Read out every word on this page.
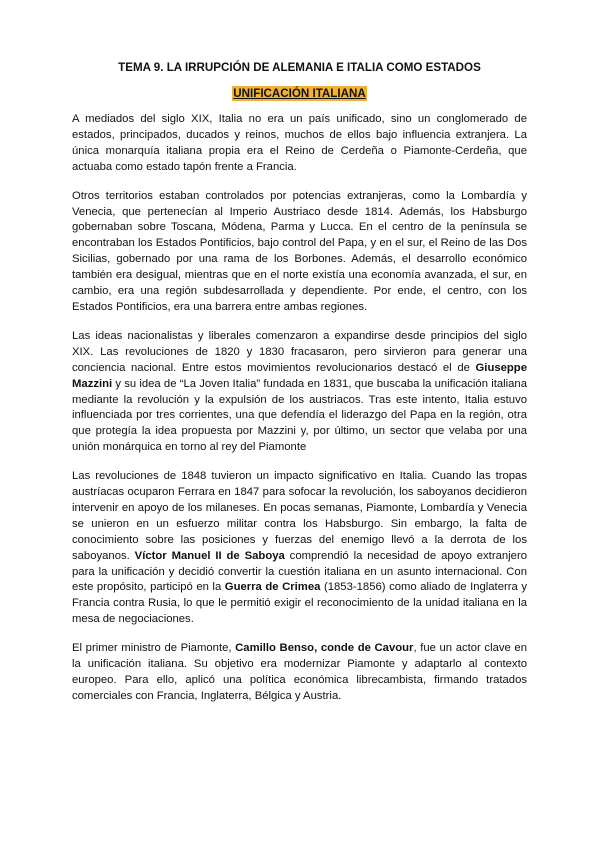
TEMA 9. LA IRRUPCIÓN DE ALEMANIA E ITALIA COMO ESTADOS
UNIFICACIÓN ITALIANA

A mediados del siglo XIX, Italia no era un país unificado, sino un conglomerado de estados, principados, ducados y reinos, muchos de ellos bajo influencia extranjera. La única monarquía italiana propia era el Reino de Cerdeña o Piamonte-Cerdeña, que actuaba como estado tapón frente a Francia.

Otros territorios estaban controlados por potencias extranjeras, como la Lombardía y Venecia, que pertenecían al Imperio Austriaco desde 1814. Además, los Habsburgo gobernaban sobre Toscana, Módena, Parma y Lucca. En el centro de la península se encontraban los Estados Pontificios, bajo control del Papa, y en el sur, el Reino de las Dos Sicilias, gobernado por una rama de los Borbones. Además, el desarrollo económico también era desigual, mientras que en el norte existía una economía avanzada, el sur, en cambio, era una región subdesarrollada y dependiente. Por ende, el centro, con los Estados Pontificios, era una barrera entre ambas regiones.

Las ideas nacionalistas y liberales comenzaron a expandirse desde principios del siglo XIX. Las revoluciones de 1820 y 1830 fracasaron, pero sirvieron para generar una conciencia nacional. Entre estos movimientos revolucionarios destacó el de Giuseppe Mazzini y su idea de “La Joven Italia” fundada en 1831, que buscaba la unificación italiana mediante la revolución y la expulsión de los austriacos. Tras este intento, Italia estuvo influenciada por tres corrientes, una que defendía el liderazgo del Papa en la región, otra que protegía la idea propuesta por Mazzini y, por último, un sector que velaba por una unión monárquica en torno al rey del Piamonte

Las revoluciones de 1848 tuvieron un impacto significativo en Italia. Cuando las tropas austríacas ocuparon Ferrara en 1847 para sofocar la revolución, los saboyanos decidieron intervenir en apoyo de los milaneses. En pocas semanas, Piamonte, Lombardía y Venecia se unieron en un esfuerzo militar contra los Habsburgo. Sin embargo, la falta de conocimiento sobre las posiciones y fuerzas del enemigo llevó a la derrota de los saboyanos. Víctor Manuel II de Saboya comprendió la necesidad de apoyo extranjero para la unificación y decidió convertir la cuestión italiana en un asunto internacional. Con este propósito, participó en la Guerra de Crimea (1853-1856) como aliado de Inglaterra y Francia contra Rusia, lo que le permitió exigir el reconocimiento de la unidad italiana en la mesa de negociaciones.

El primer ministro de Piamonte, Camillo Benso, conde de Cavour, fue un actor clave en la unificación italiana. Su objetivo era modernizar Piamonte y adaptarlo al contexto europeo. Para ello, aplicó una política económica librecambista, firmando tratados comerciales con Francia, Inglaterra, Bélgica y Austria.
